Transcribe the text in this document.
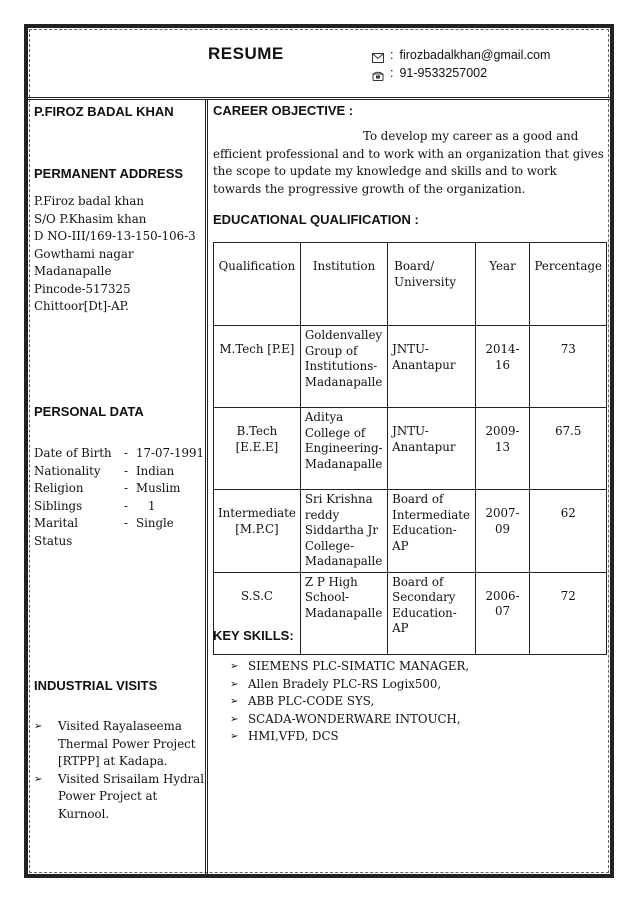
RESUME	: firozbadalkhan@gmail.com
: 91-9533257002
P.FIROZ BADAL KHAN
PERMANENT ADDRESS
P.Firoz badal khan
S/O P.Khasim khan
D NO-III/169-13-150-106-3
Gowthami nagar
Madanapalle
Pincode-517325
Chittoor[Dt]-AP.
PERSONAL DATA
Date of Birth	- 17-07-1991
Nationality	- Indian
Religion	- Muslim
Siblings	-	1
Marital Status
- Single
INDUSTRIAL VISITS
➢	Visited Rayalaseema Thermal Power Project [RTPP] at Kadapa.
➢	Visited Srisailam Hydral Power Project at Kurnool.
CAREER OBJECTIVE :
To develop my career as a good and efficient professional and to work with an organization that gives the scope to update my knowledge and skills and to work towards the progressive growth of the organization.
EDUCATIONAL QUALIFICATION :
Qualification	Institution	Board/ University	Year	Percentage
M.Tech [P.E]	Goldenvalley Group of Institutions-Madanapalle	JNTU-Anantapur	2014-16	73
B.Tech [E.E.E]	Aditya College of Engineering-Madanapalle	JNTU-Anantapur	2009-13	67.5
Intermediate [M.P.C]	Sri Krishna reddy Siddartha Jr College-Madanapalle	Board of Intermediate Education-AP	2007-09	62
S.S.C	Z P High School-Madanapalle	Board of Secondary Education-AP	2006-07	72
KEY SKILLS:
➢ SIEMENS PLC-SIMATIC MANAGER,
➢ Allen Bradely PLC-RS Logix500,
➢ ABB PLC-CODE SYS,
➢ SCADA-WONDERWARE INTOUCH,
➢ HMI,VFD, DCS
